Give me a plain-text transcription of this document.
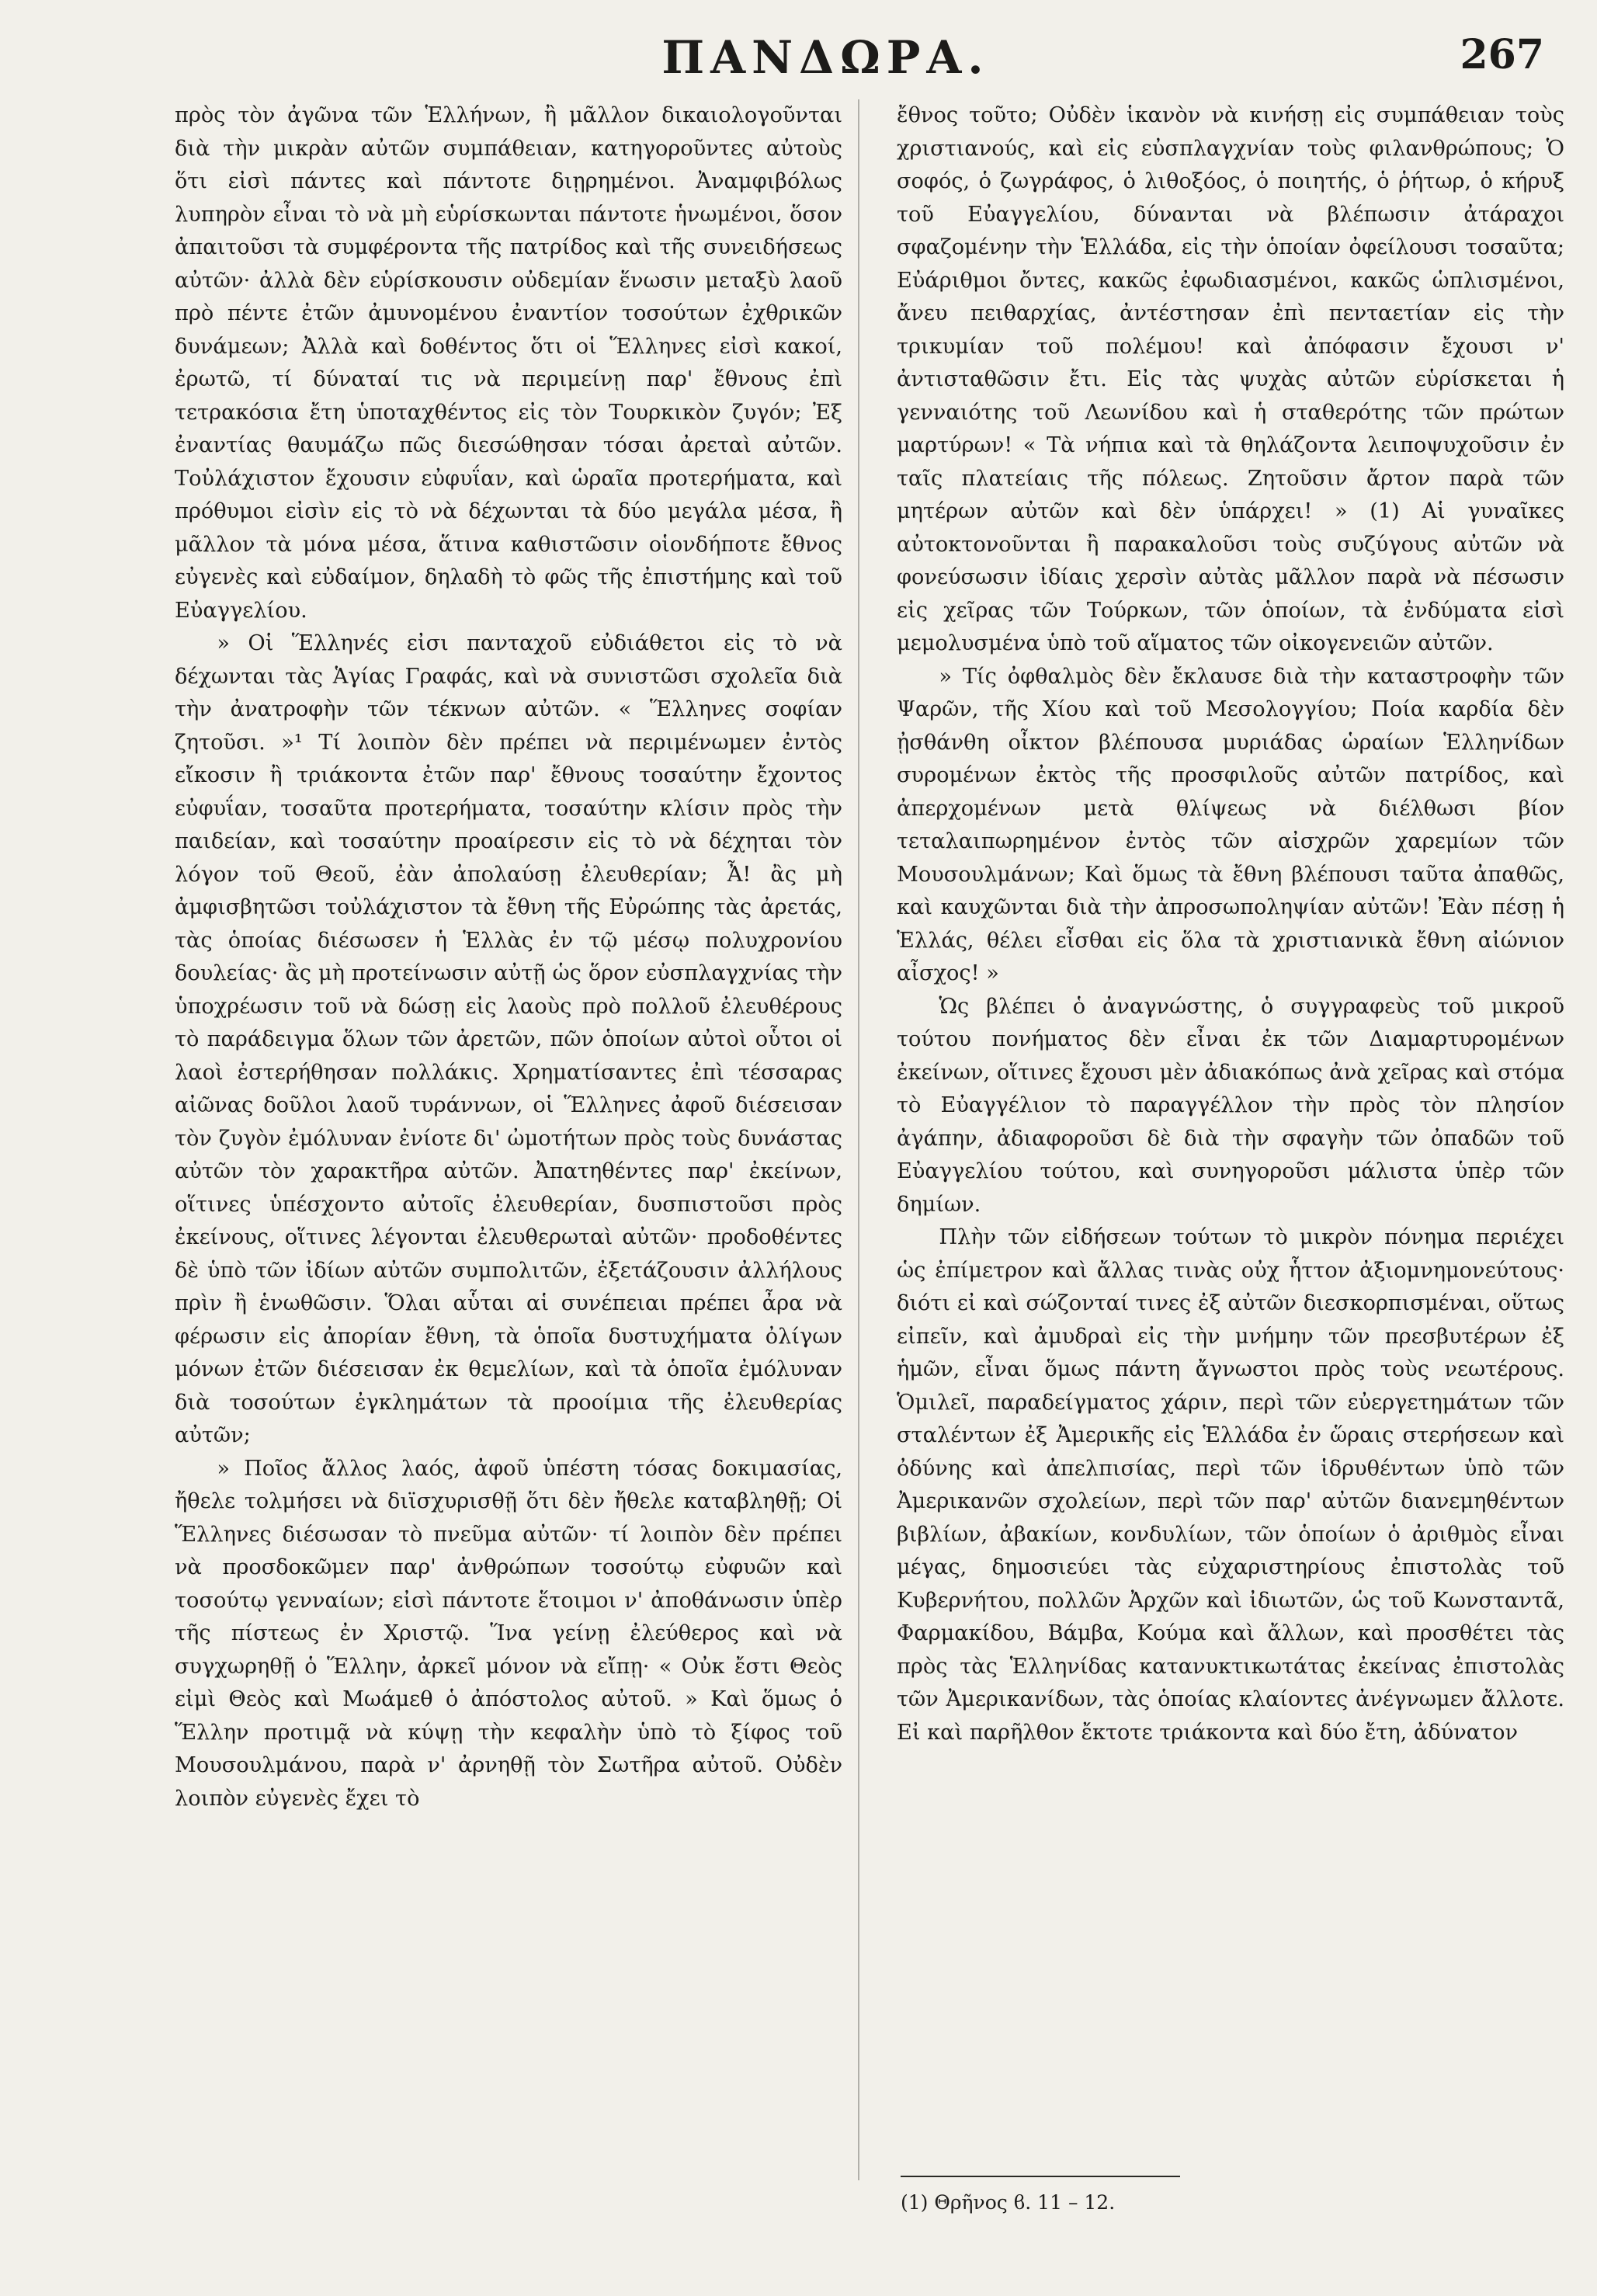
ΠΑΝΔΩΡΑ.	267

πρὸς τὸν ἀγῶνα τῶν Ἑλλήνων, ἢ μᾶλλον δικαιολογοῦνται διὰ τὴν μικρὰν αὐτῶν συμπάθειαν, κατηγοροῦντες αὐτοὺς ὅτι εἰσὶ πάντες καὶ πάντοτε διῃρημένοι. Ἀναμφιβόλως λυπηρὸν εἶναι τὸ νὰ μὴ εὑρίσκωνται πάντοτε ἡνωμένοι, ὅσον ἀπαιτοῦσι τὰ συμφέροντα τῆς πατρίδος καὶ τῆς συνειδήσεως αὐτῶν· ἀλλὰ δὲν εὑρίσκουσιν οὐδεμίαν ἕνωσιν μεταξὺ λαοῦ πρὸ πέντε ἐτῶν ἀμυνομένου ἐναντίον τοσούτων ἐχθρικῶν δυνάμεων; Ἀλλὰ καὶ δοθέντος ὅτι οἱ Ἕλληνες εἰσὶ κακοί, ἐρωτῶ, τί δύναταί τις νὰ περιμείνῃ παρ' ἔθνους ἐπὶ τετρακόσια ἔτη ὑποταχθέντος εἰς τὸν Τουρκικὸν ζυγόν; Ἐξ ἐναντίας θαυμάζω πῶς διεσώθησαν τόσαι ἀρεταὶ αὐτῶν. Τοὐλάχιστον ἔχουσιν εὐφυΐαν, καὶ ὡραῖα προτερήματα, καὶ πρόθυμοι εἰσὶν εἰς τὸ νὰ δέχωνται τὰ δύο μεγάλα μέσα, ἢ μᾶλλον τὰ μόνα μέσα, ἅτινα καθιστῶσιν οἱονδήποτε ἔθνος εὐγενὲς καὶ εὐδαίμον, δηλαδὴ τὸ φῶς τῆς ἐπιστήμης καὶ τοῦ Εὐαγγελίου.

» Οἱ Ἕλληνές εἰσι πανταχοῦ εὐδιάθετοι εἰς τὸ νὰ δέχωνται τὰς Ἁγίας Γραφάς, καὶ νὰ συνιστῶσι σχολεῖα διὰ τὴν ἀνατροφὴν τῶν τέκνων αὐτῶν. « Ἕλληνες σοφίαν ζητοῦσι. »¹ Τί λοιπὸν δὲν πρέπει νὰ περιμένωμεν ἐντὸς εἴκοσιν ἢ τριάκοντα ἐτῶν παρ' ἔθνους τοσαύτην ἔχοντος εὐφυΐαν, τοσαῦτα προτερήματα, τοσαύτην κλίσιν πρὸς τὴν παιδείαν, καὶ τοσαύτην προαίρεσιν εἰς τὸ νὰ δέχηται τὸν λόγον τοῦ Θεοῦ, ἐὰν ἀπολαύσῃ ἐλευθερίαν; Ἆ! ἂς μὴ ἀμφισβητῶσι τοὐλάχιστον τὰ ἔθνη τῆς Εὐρώπης τὰς ἀρετάς, τὰς ὁποίας διέσωσεν ἡ Ἑλλὰς ἐν τῷ μέσῳ πολυχρονίου δουλείας· ἂς μὴ προτείνωσιν αὐτῇ ὡς ὅρον εὐσπλαγχνίας τὴν ὑποχρέωσιν τοῦ νὰ δώσῃ εἰς λαοὺς πρὸ πολλοῦ ἐλευθέρους τὸ παράδειγμα ὅλων τῶν ἀρετῶν, πῶν ὁποίων αὐτοὶ οὗτοι οἱ λαοὶ ἐστερήθησαν πολλάκις. Χρηματίσαντες ἐπὶ τέσσαρας αἰῶνας δοῦλοι λαοῦ τυράννων, οἱ Ἕλληνες ἀφοῦ διέσεισαν τὸν ζυγὸν ἐμόλυναν ἐνίοτε δι' ὠμοτήτων πρὸς τοὺς δυνάστας αὐτῶν τὸν χαρακτῆρα αὐτῶν. Ἀπατηθέντες παρ' ἐκείνων, οἵτινες ὑπέσχοντο αὐτοῖς ἐλευθερίαν, δυσπιστοῦσι πρὸς ἐκείνους, οἵτινες λέγονται ἐλευθερωταὶ αὐτῶν· προδοθέντες δὲ ὑπὸ τῶν ἰδίων αὐτῶν συμπολιτῶν, ἐξετάζουσιν ἀλλήλους πρὶν ἢ ἑνωθῶσιν. Ὅλαι αὗται αἱ συνέπειαι πρέπει ἆρα νὰ φέρωσιν εἰς ἀπορίαν ἔθνη, τὰ ὁποῖα δυστυχήματα ὀλίγων μόνων ἐτῶν διέσεισαν ἐκ θεμελίων, καὶ τὰ ὁποῖα ἐμόλυναν διὰ τοσούτων ἐγκλημάτων τὰ προοίμια τῆς ἐλευθερίας αὐτῶν;

» Ποῖος ἄλλος λαός, ἀφοῦ ὑπέστη τόσας δοκιμασίας, ἤθελε τολμήσει νὰ διϊσχυρισθῇ ὅτι δὲν ἤθελε καταβληθῇ; Οἱ Ἕλληνες διέσωσαν τὸ πνεῦμα αὐτῶν· τί λοιπὸν δὲν πρέπει νὰ προσδοκῶμεν παρ' ἀνθρώπων τοσούτῳ εὐφυῶν καὶ τοσούτῳ γενναίων; εἰσὶ πάντοτε ἕτοιμοι ν' ἀποθάνωσιν ὑπὲρ τῆς πίστεως ἐν Χριστῷ. Ἵνα γείνῃ ἐλεύθερος καὶ νὰ συγχωρηθῇ ὁ Ἕλλην, ἀρκεῖ μόνον νὰ εἴπῃ· « Οὐκ ἔστι Θεὸς εἰμὶ Θεὸς καὶ Μωάμεθ ὁ ἀπόστολος αὐτοῦ. » Καὶ ὅμως ὁ Ἕλλην προτιμᾷ νὰ κύψῃ τὴν κεφαλὴν ὑπὸ τὸ ξίφος τοῦ Μουσουλμάνου, παρὰ ν' ἀρνηθῇ τὸν Σωτῆρα αὐτοῦ. Οὐδὲν λοιπὸν εὐγενὲς ἔχει τὸ

ἔθνος τοῦτο; Οὐδὲν ἱκανὸν νὰ κινήσῃ εἰς συμπάθειαν τοὺς χριστιανούς, καὶ εἰς εὐσπλαγχνίαν τοὺς φιλανθρώπους; Ὁ σοφός, ὁ ζωγράφος, ὁ λιθοξόος, ὁ ποιητής, ὁ ῥήτωρ, ὁ κήρυξ τοῦ Εὐαγγελίου, δύνανται νὰ βλέπωσιν ἀτάραχοι σφαζομένην τὴν Ἑλλάδα, εἰς τὴν ὁποίαν ὀφείλουσι τοσαῦτα; Εὐάριθμοι ὄντες, κακῶς ἐφωδιασμένοι, κακῶς ὡπλισμένοι, ἄνευ πειθαρχίας, ἀντέστησαν ἐπὶ πενταετίαν εἰς τὴν τρικυμίαν τοῦ πολέμου! καὶ ἀπόφασιν ἔχουσι ν' ἀντισταθῶσιν ἔτι. Εἰς τὰς ψυχὰς αὐτῶν εὑρίσκεται ἡ γενναιότης τοῦ Λεωνίδου καὶ ἡ σταθερότης τῶν πρώτων μαρτύρων! « Τὰ νήπια καὶ τὰ θηλάζοντα λειποψυχοῦσιν ἐν ταῖς πλατείαις τῆς πόλεως. Ζητοῦσιν ἄρτον παρὰ τῶν μητέρων αὐτῶν καὶ δὲν ὑπάρχει! » (1) Αἱ γυναῖκες αὐτοκτονοῦνται ἢ παρακαλοῦσι τοὺς συζύγους αὐτῶν νὰ φονεύσωσιν ἰδίαις χερσὶν αὐτὰς μᾶλλον παρὰ νὰ πέσωσιν εἰς χεῖρας τῶν Τούρκων, τῶν ὁποίων, τὰ ἐνδύματα εἰσὶ μεμολυσμένα ὑπὸ τοῦ αἵματος τῶν οἰκογενειῶν αὐτῶν.

» Τίς ὀφθαλμὸς δὲν ἔκλαυσε διὰ τὴν καταστροφὴν τῶν Ψαρῶν, τῆς Χίου καὶ τοῦ Μεσολογγίου; Ποία καρδία δὲν ᾐσθάνθη οἶκτον βλέπουσα μυριάδας ὡραίων Ἑλληνίδων συρομένων ἐκτὸς τῆς προσφιλοῦς αὐτῶν πατρίδος, καὶ ἀπερχομένων μετὰ θλίψεως νὰ διέλθωσι βίον τεταλαιπωρημένον ἐντὸς τῶν αἰσχρῶν χαρεμίων τῶν Μουσουλμάνων; Καὶ ὅμως τὰ ἔθνη βλέπουσι ταῦτα ἀπαθῶς, καὶ καυχῶνται διὰ τὴν ἀπροσωποληψίαν αὐτῶν! Ἐὰν πέσῃ ἡ Ἑλλάς, θέλει εἶσθαι εἰς ὅλα τὰ χριστιανικὰ ἔθνη αἰώνιον αἶσχος! »

Ὡς βλέπει ὁ ἀναγνώστης, ὁ συγγραφεὺς τοῦ μικροῦ τούτου πονήματος δὲν εἶναι ἐκ τῶν Διαμαρτυρομένων ἐκείνων, οἵτινες ἔχουσι μὲν ἀδιακόπως ἀνὰ χεῖρας καὶ στόμα τὸ Εὐαγγέλιον τὸ παραγγέλλον τὴν πρὸς τὸν πλησίον ἀγάπην, ἀδιαφοροῦσι δὲ διὰ τὴν σφαγὴν τῶν ὀπαδῶν τοῦ Εὐαγγελίου τούτου, καὶ συνηγοροῦσι μάλιστα ὑπὲρ τῶν δημίων.

Πλὴν τῶν εἰδήσεων τούτων τὸ μικρὸν πόνημα περιέχει ὡς ἐπίμετρον καὶ ἄλλας τινὰς οὐχ ἧττον ἀξιομνημονεύτους· διότι εἰ καὶ σώζονταί τινες ἐξ αὐτῶν διεσκορπισμέναι, οὕτως εἰπεῖν, καὶ ἀμυδραὶ εἰς τὴν μνήμην τῶν πρεσβυτέρων ἐξ ἡμῶν, εἶναι ὅμως πάντη ἄγνωστοι πρὸς τοὺς νεωτέρους. Ὁμιλεῖ, παραδείγματος χάριν, περὶ τῶν εὐεργετημάτων τῶν σταλέντων ἐξ Ἀμερικῆς εἰς Ἑλλάδα ἐν ὥραις στερήσεων καὶ ὀδύνης καὶ ἀπελπισίας, περὶ τῶν ἱδρυθέντων ὑπὸ τῶν Ἀμερικανῶν σχολείων, περὶ τῶν παρ' αὐτῶν διανεμηθέντων βιβλίων, ἀβακίων, κονδυλίων, τῶν ὁποίων ὁ ἀριθμὸς εἶναι μέγας, δημοσιεύει τὰς εὐχαριστηρίους ἐπιστολὰς τοῦ Κυβερνήτου, πολλῶν Ἀρχῶν καὶ ἰδιωτῶν, ὡς τοῦ Κωνσταντᾶ, Φαρμακίδου, Βάμβα, Κούμα καὶ ἄλλων, καὶ προσθέτει τὰς πρὸς τὰς Ἑλληνίδας κατανυκτικωτάτας ἐκείνας ἐπιστολὰς τῶν Ἀμερικανίδων, τὰς ὁποίας κλαίοντες ἀνέγνωμεν ἄλλοτε. Εἰ καὶ παρῆλθον ἔκτοτε τριάκοντα καὶ δύο ἔτη, ἀδύνατον

(1) Θρῆνος ϐ. 11 – 12.
